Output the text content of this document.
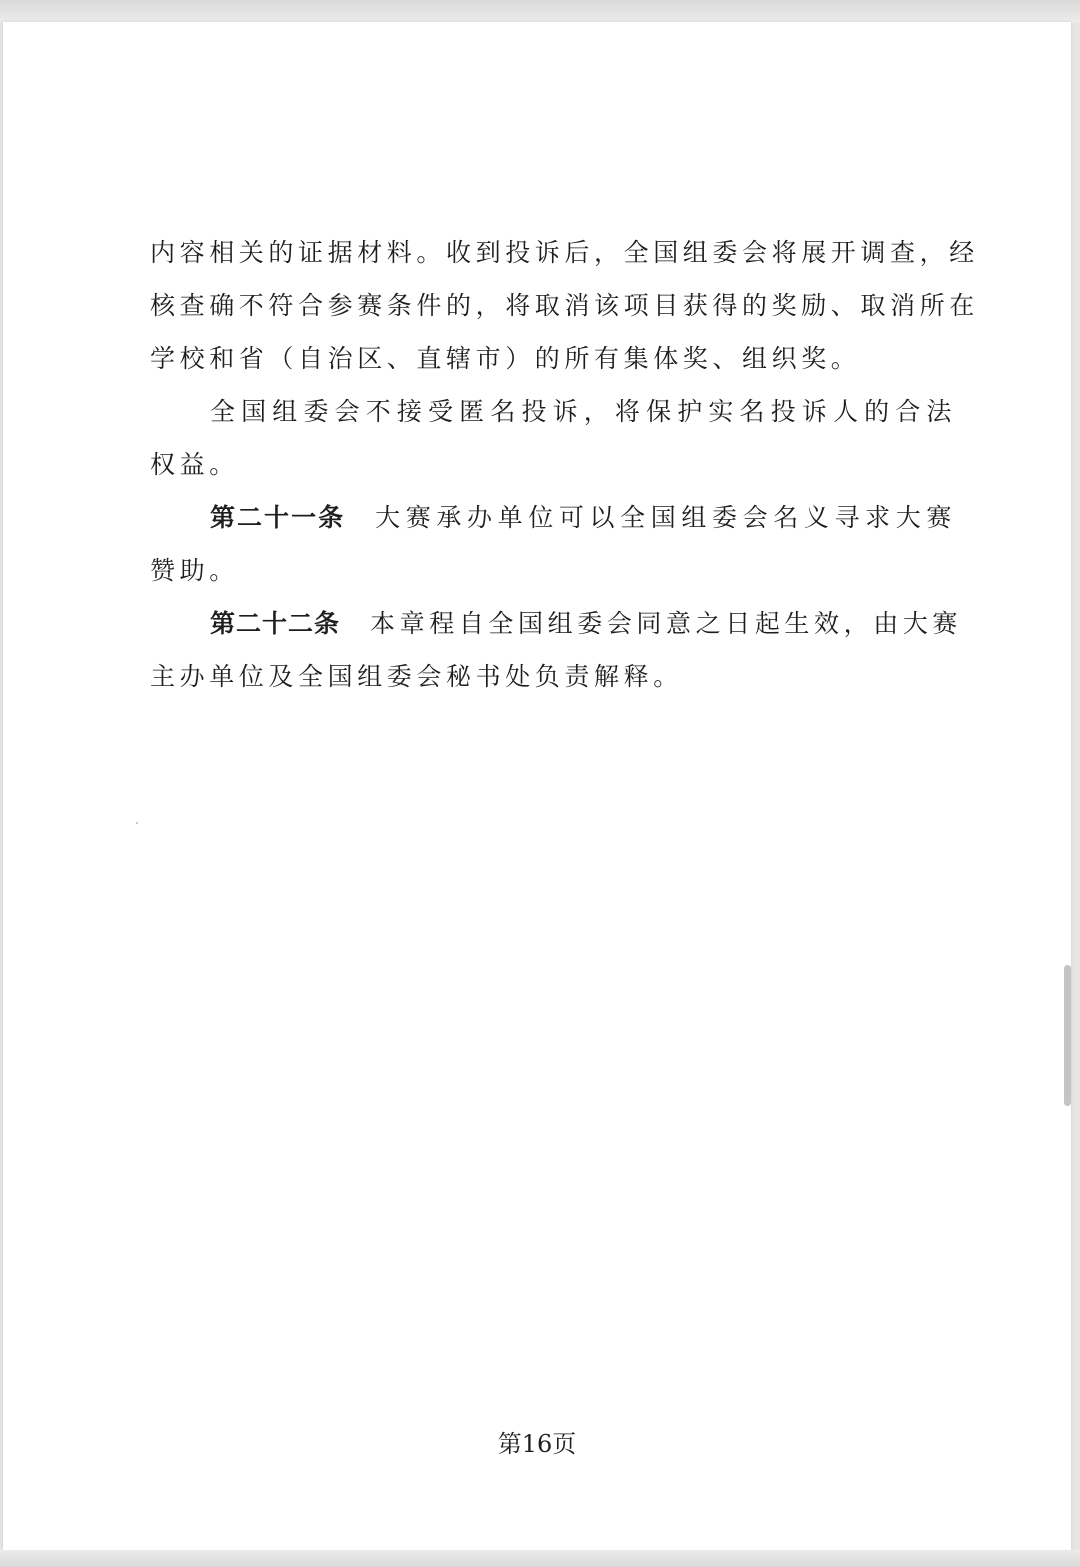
内容相关的证据材料。收到投诉后，全国组委会将展开调查，经
核查确不符合参赛条件的，将取消该项目获得的奖励、取消所在
学校和省（自治区、直辖市）的所有集体奖、组织奖。
全国组委会不接受匿名投诉，将保护实名投诉人的合法
权益。
第二十一条 大赛承办单位可以全国组委会名义寻求大赛
赞助。
第二十二条 本章程自全国组委会同意之日起生效，由大赛
主办单位及全国组委会秘书处负责解释。
第16页
